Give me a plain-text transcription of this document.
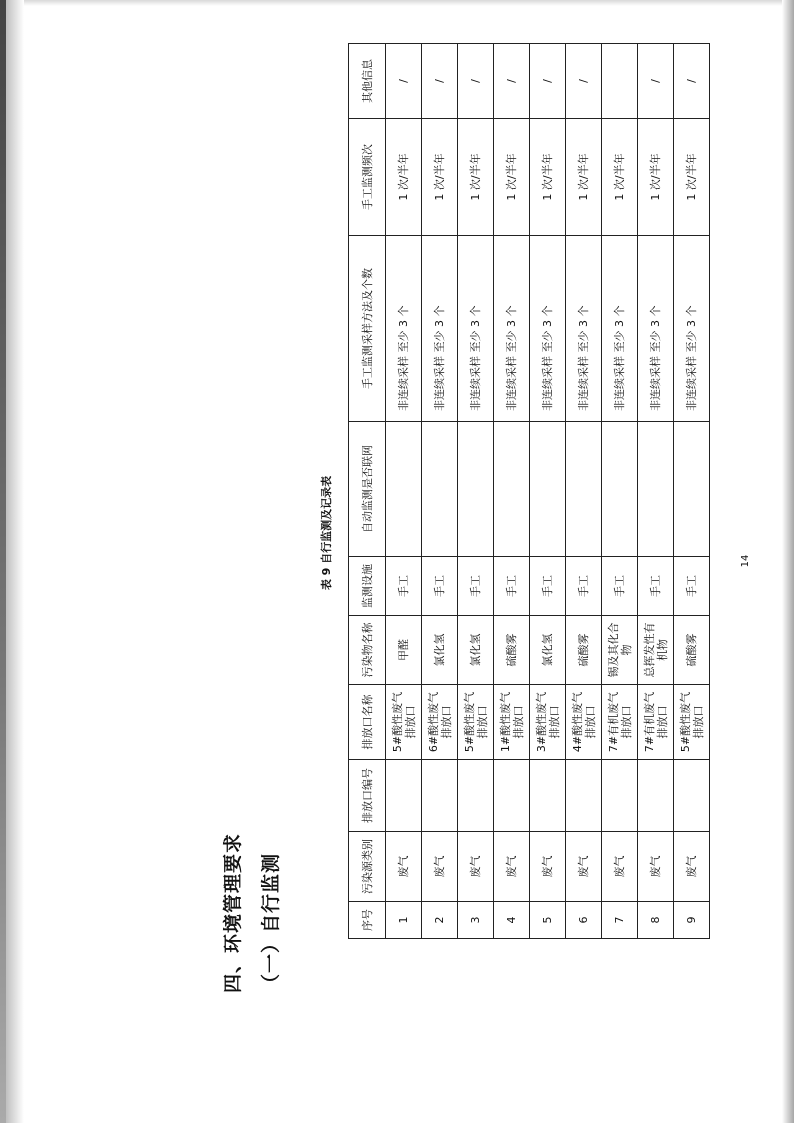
四、环境管理要求 （一）自行监测
表 9 自行监测及记录表
序号	污染源类别	排放口编号	排放口名称	污染物名称	监测设施	自动监测是否联网	手工监测采样方法及个数	手工监测频次	其他信息
1	废气		5#酸性废气排放口	甲醛	手工		非连续采样 至少 3 个	1 次/半年	/
2	废气		6#酸性废气排放口	氯化氢	手工		非连续采样 至少 3 个	1 次/半年	/
3	废气		5#酸性废气排放口	氯化氢	手工		非连续采样 至少 3 个	1 次/半年	/
4	废气		1#酸性废气排放口	硫酸雾	手工		非连续采样 至少 3 个	1 次/半年	/
5	废气		3#酸性废气排放口	氯化氢	手工		非连续采样 至少 3 个	1 次/半年	/
6	废气		4#酸性废气排放口	硫酸雾	手工		非连续采样 至少 3 个	1 次/半年	/
7	废气		7#有机废气排放口	锡及其化合物	手工		非连续采样 至少 3 个	1 次/半年	
8	废气		7#有机废气排放口	总挥发性有机物	手工		非连续采样 至少 3 个	1 次/半年	/
9	废气		5#酸性废气排放口	硫酸雾	手工		非连续采样 至少 3 个	1 次/半年	/
14
